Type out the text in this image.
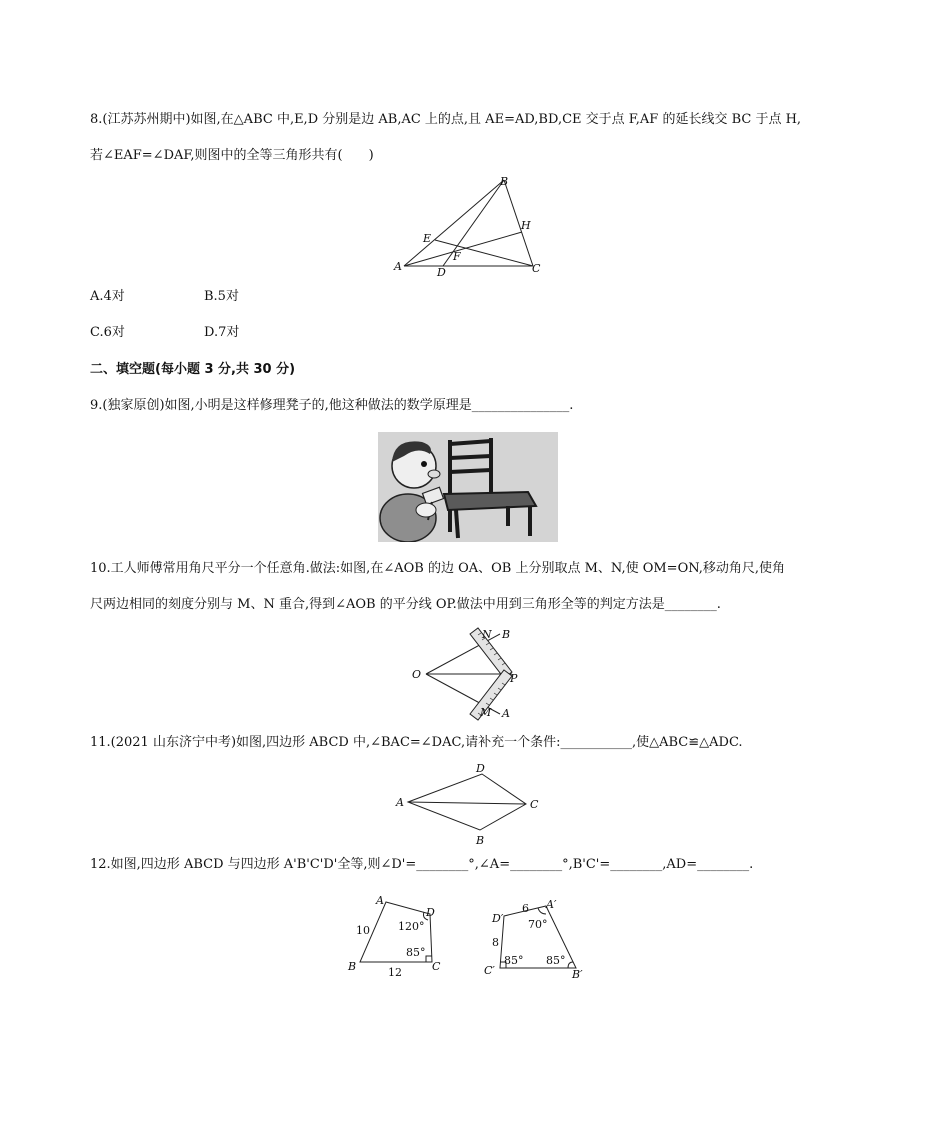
8.(江苏苏州期中)如图,在△ABC 中,E,D 分别是边 AB,AC 上的点,且 AE=AD,BD,CE 交于点 F,AF 的延长线交 BC 于点 H,
若∠EAF=∠DAF,则图中的全等三角形共有(　　)
A
B
C
D
E
F
H
A.4对	B.5对
C.6对	D.7对
二、填空题(每小题 3 分,共 30 分)
9.(独家原创)如图,小明是这样修理凳子的,他这种做法的数学原理是_______________.
10.工人师傅常用角尺平分一个任意角.做法:如图,在∠AOB 的边 OA、OB 上分别取点 M、N,使 OM=ON,移动角尺,使角
尺两边相同的刻度分别与 M、N 重合,得到∠AOB 的平分线 OP.做法中用到三角形全等的判定方法是________.
O
N B
P
M A
11.(2021 山东济宁中考)如图,四边形 ABCD 中,∠BAC=∠DAC,请补充一个条件:___________,使△ABC≌△ADC.
A
D
C
B
12.如图,四边形 ABCD 与四边形 A'B'C'D'全等,则∠D'=________°,∠A=________°,B'C'=________,AD=________.
A
D
B	C
10
12
120°
85°
D′
A′
C′	B′
6
8
70°
85° 85°
